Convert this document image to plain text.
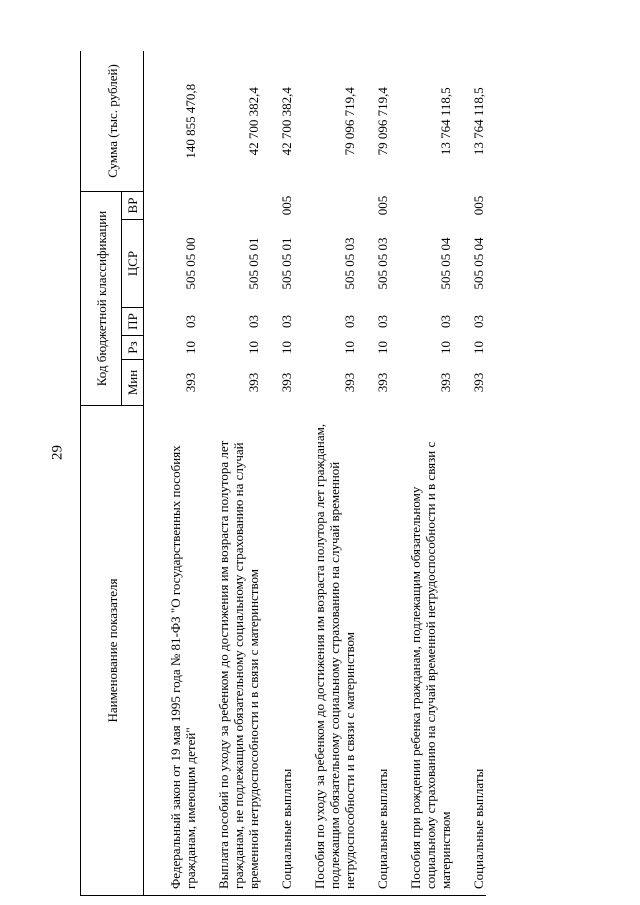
29
Наименование показателя	Код бюджетной классификации					Сумма (тыс. рублей)
	Мин	Рз	ПР	ЦСР	ВР	
Федеральный закон от 19 мая 1995 года № 81-ФЗ "О государственных пособиях гражданам, имеющим детей"	393	10	03	505 05 00		140 855 470,8
Выплата пособий по уходу за ребенком до достижения им возраста полутора лет гражданам, не подлежащим обязательному социальному страхованию на случай временной нетрудоспособности и в связи с материнством	393	10	03	505 05 01		42 700 382,4
Социальные выплаты	393	10	03	505 05 01	005	42 700 382,4
Пособия по уходу за ребенком до достижения им возраста полутора лет гражданам, подлежащим обязательному социальному страхованию на случай временной нетрудоспособности и в связи с материнством	393	10	03	505 05 03		79 096 719,4
Социальные выплаты	393	10	03	505 05 03	005	79 096 719,4
Пособия при рождении ребенка гражданам, подлежащим обязательному социальному страхованию на случай временной нетрудоспособности и в связи с материнством	393	10	03	505 05 04		13 764 118,5
Социальные выплаты	393	10	03	505 05 04	005	13 764 118,5
